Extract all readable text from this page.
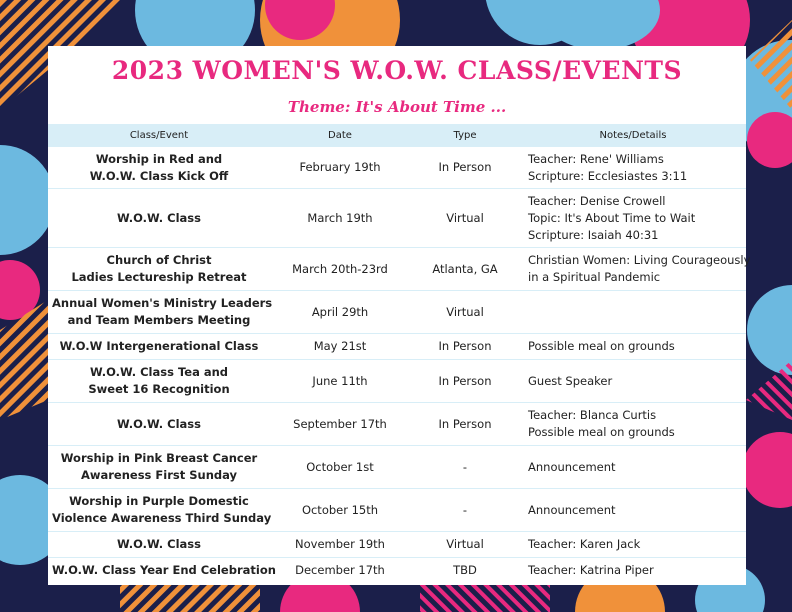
2023 WOMEN'S W.O.W. CLASS/EVENTS
Theme: It's About Time ...
Class/Event	Date	Type	Notes/Details

Worship in Red and
W.O.W. Class Kick Off	February 19th	In Person	Teacher: Rene' Williams
Scripture: Ecclesiastes 3:11

W.O.W. Class	March 19th	Virtual	Teacher: Denise Crowell
Topic: It's About Time to Wait
Scripture: Isaiah 40:31

Church of Christ
Ladies Lectureship Retreat	March 20th-23rd	Atlanta, GA	Christian Women: Living Courageously
in a Spiritual Pandemic

Annual Women's Ministry Leaders
and Team Members Meeting	April 29th	Virtual	

W.O.W Intergenerational Class	May 21st	In Person	Possible meal on grounds

W.O.W. Class Tea and
Sweet 16 Recognition	June 11th	In Person	Guest Speaker

W.O.W. Class	September 17th	In Person	Teacher: Blanca Curtis
Possible meal on grounds

Worship in Pink Breast Cancer
Awareness First Sunday	October 1st	-	Announcement

Worship in Purple Domestic
Violence Awareness Third Sunday	October 15th	-	Announcement

W.O.W. Class	November 19th	Virtual	Teacher: Karen Jack

W.O.W. Class Year End Celebration	December 17th	TBD	Teacher: Katrina Piper
